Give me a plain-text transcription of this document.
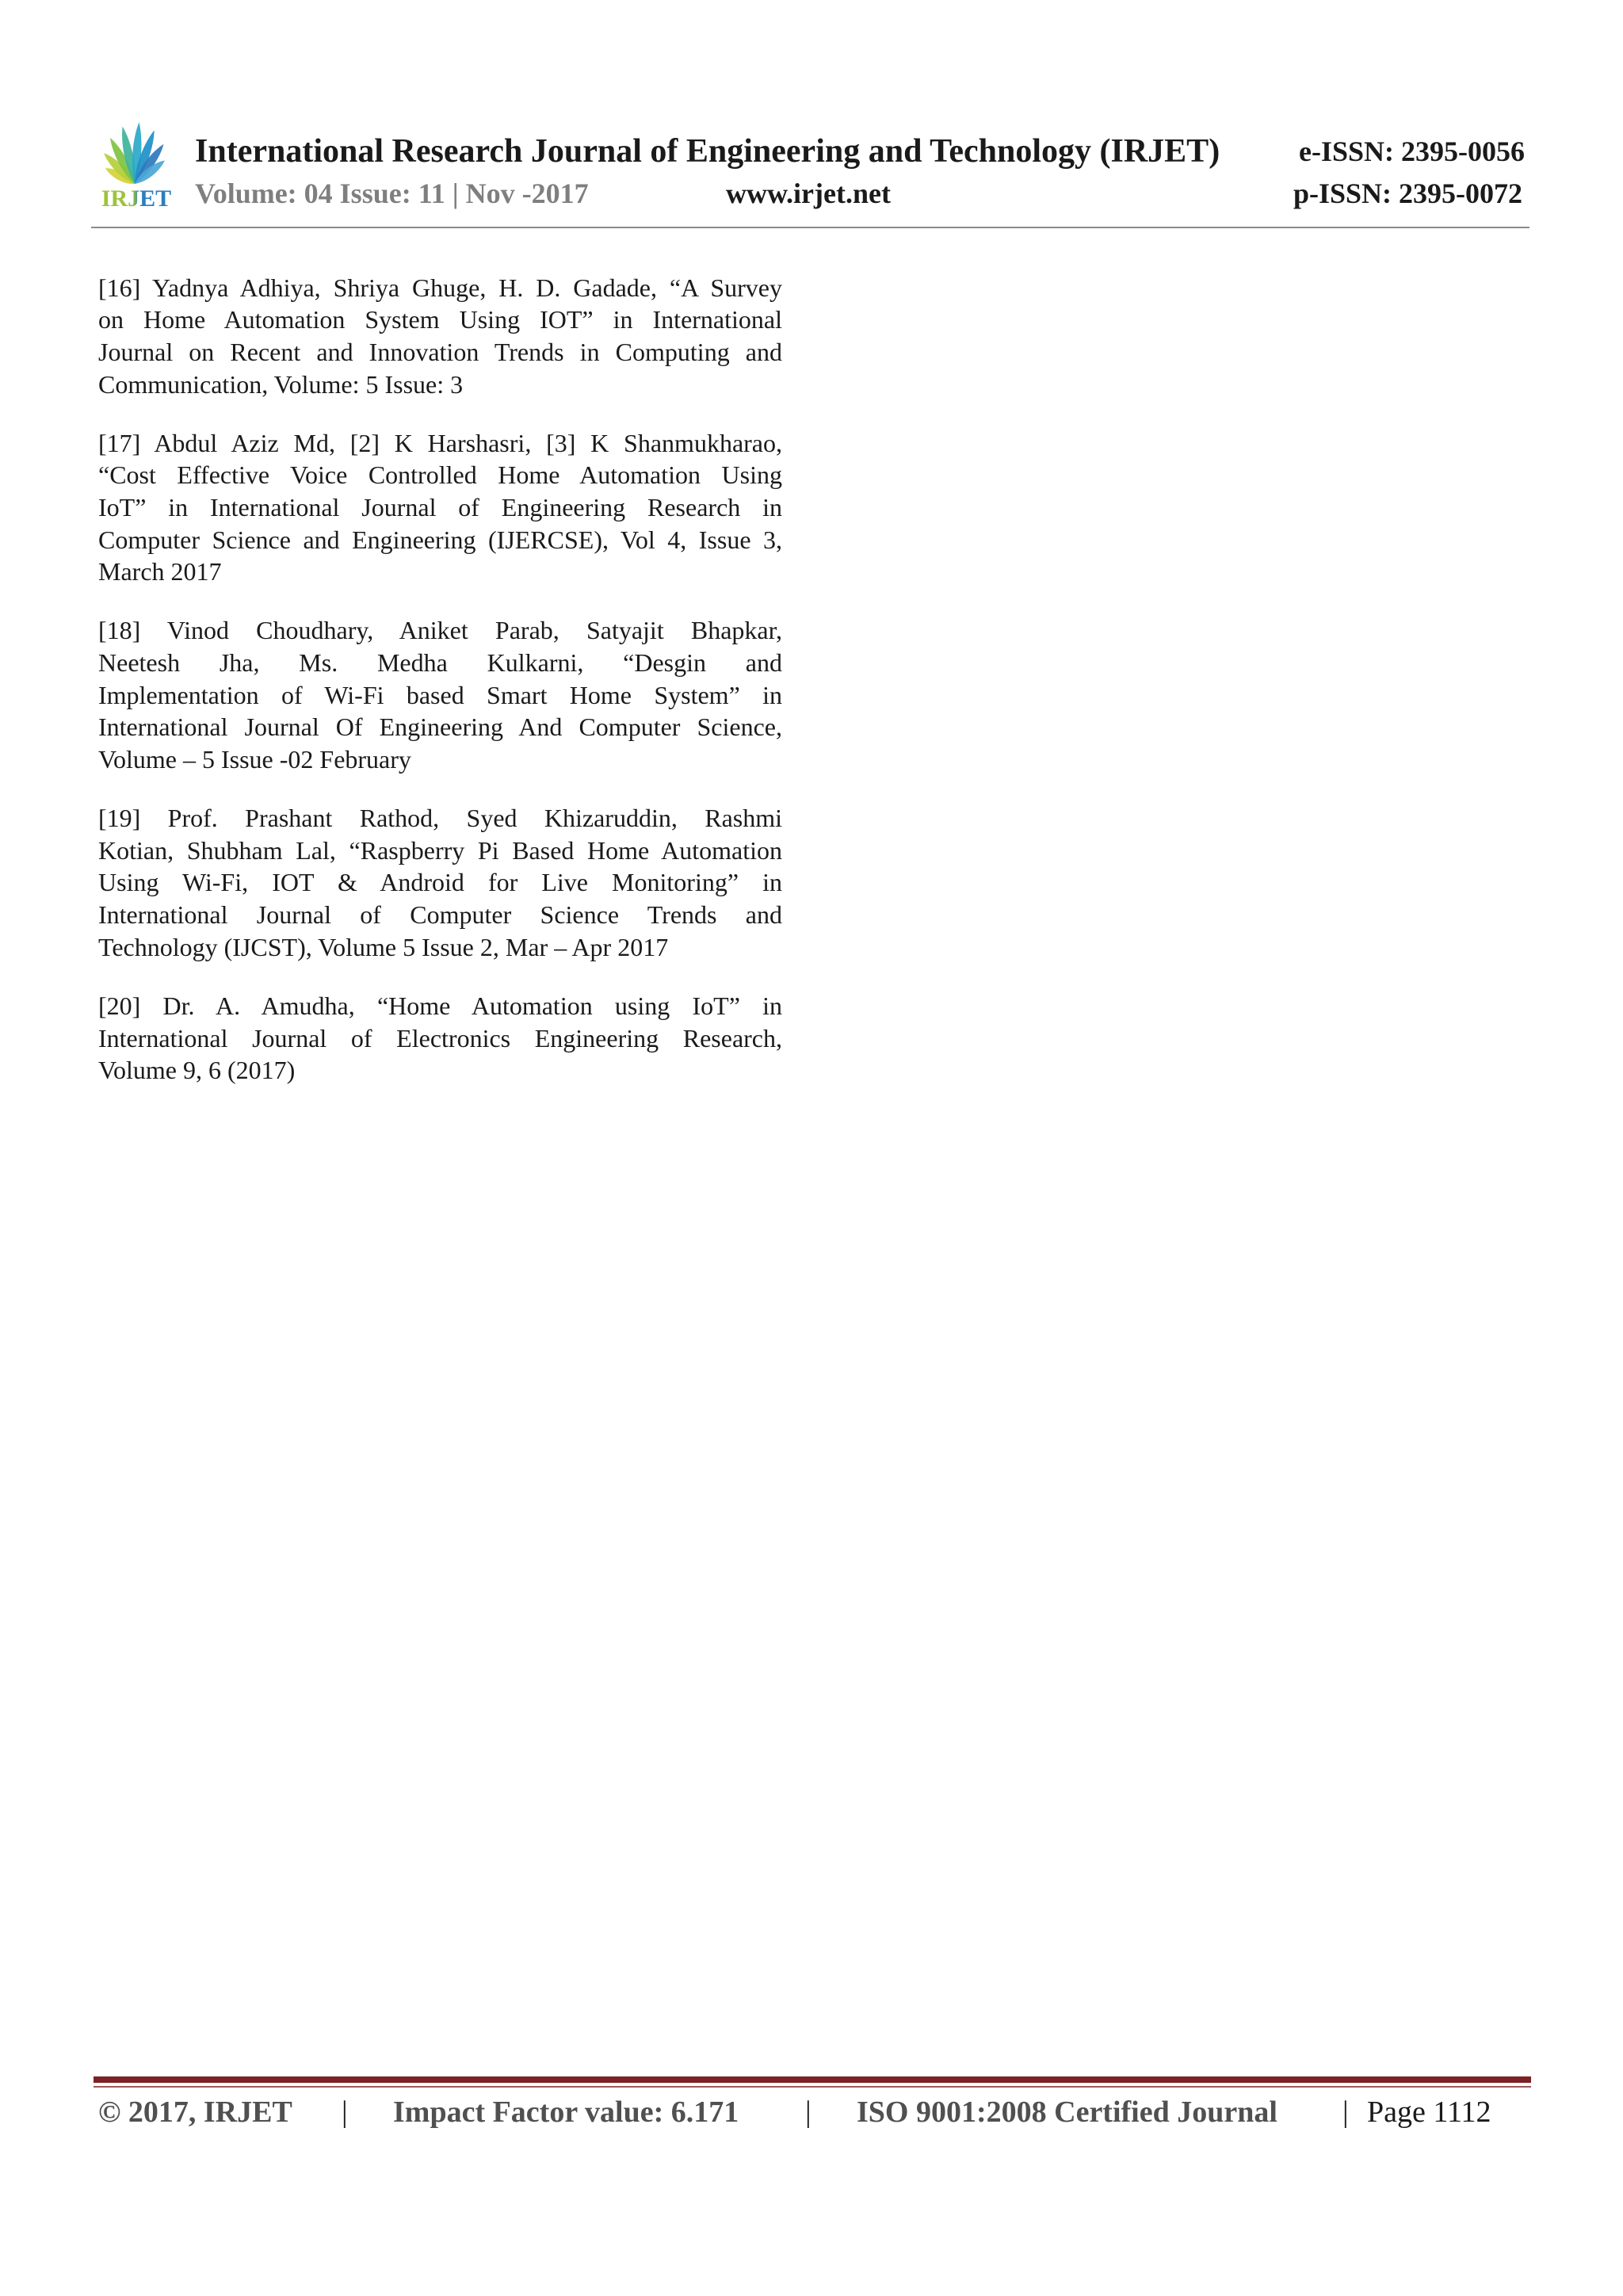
IRJET
International Research Journal of Engineering and Technology (IRJET)	e-ISSN: 2395-0056
Volume: 04 Issue: 11 | Nov -2017	www.irjet.net	p-ISSN: 2395-0072
[16] Yadnya Adhiya, Shriya Ghuge, H. D. Gadade, “A Survey
on Home Automation System Using IOT” in International
Journal on Recent and Innovation Trends in Computing and
Communication, Volume: 5 Issue: 3
[17] Abdul Aziz Md, [2] K Harshasri, [3] K Shanmukharao,
“Cost Effective Voice Controlled Home Automation Using
IoT” in International Journal of Engineering Research in
Computer Science and Engineering (IJERCSE), Vol 4, Issue 3,
March 2017
[18] Vinod Choudhary, Aniket Parab, Satyajit Bhapkar,
Neetesh Jha, Ms. Medha Kulkarni, “Desgin and
Implementation of Wi-Fi based Smart Home System” in
International Journal Of Engineering And Computer Science,
Volume – 5 Issue -02 February
[19] Prof. Prashant Rathod, Syed Khizaruddin, Rashmi
Kotian, Shubham Lal, “Raspberry Pi Based Home Automation
Using Wi-Fi, IOT & Android for Live Monitoring” in
International Journal of Computer Science Trends and
Technology (IJCST), Volume 5 Issue 2, Mar – Apr 2017
[20] Dr. A. Amudha, “Home Automation using IoT” in
International Journal of Electronics Engineering Research,
Volume 9, 6 (2017)
© 2017, IRJET | Impact Factor value: 6.171 | ISO 9001:2008 Certified Journal | Page 1112
